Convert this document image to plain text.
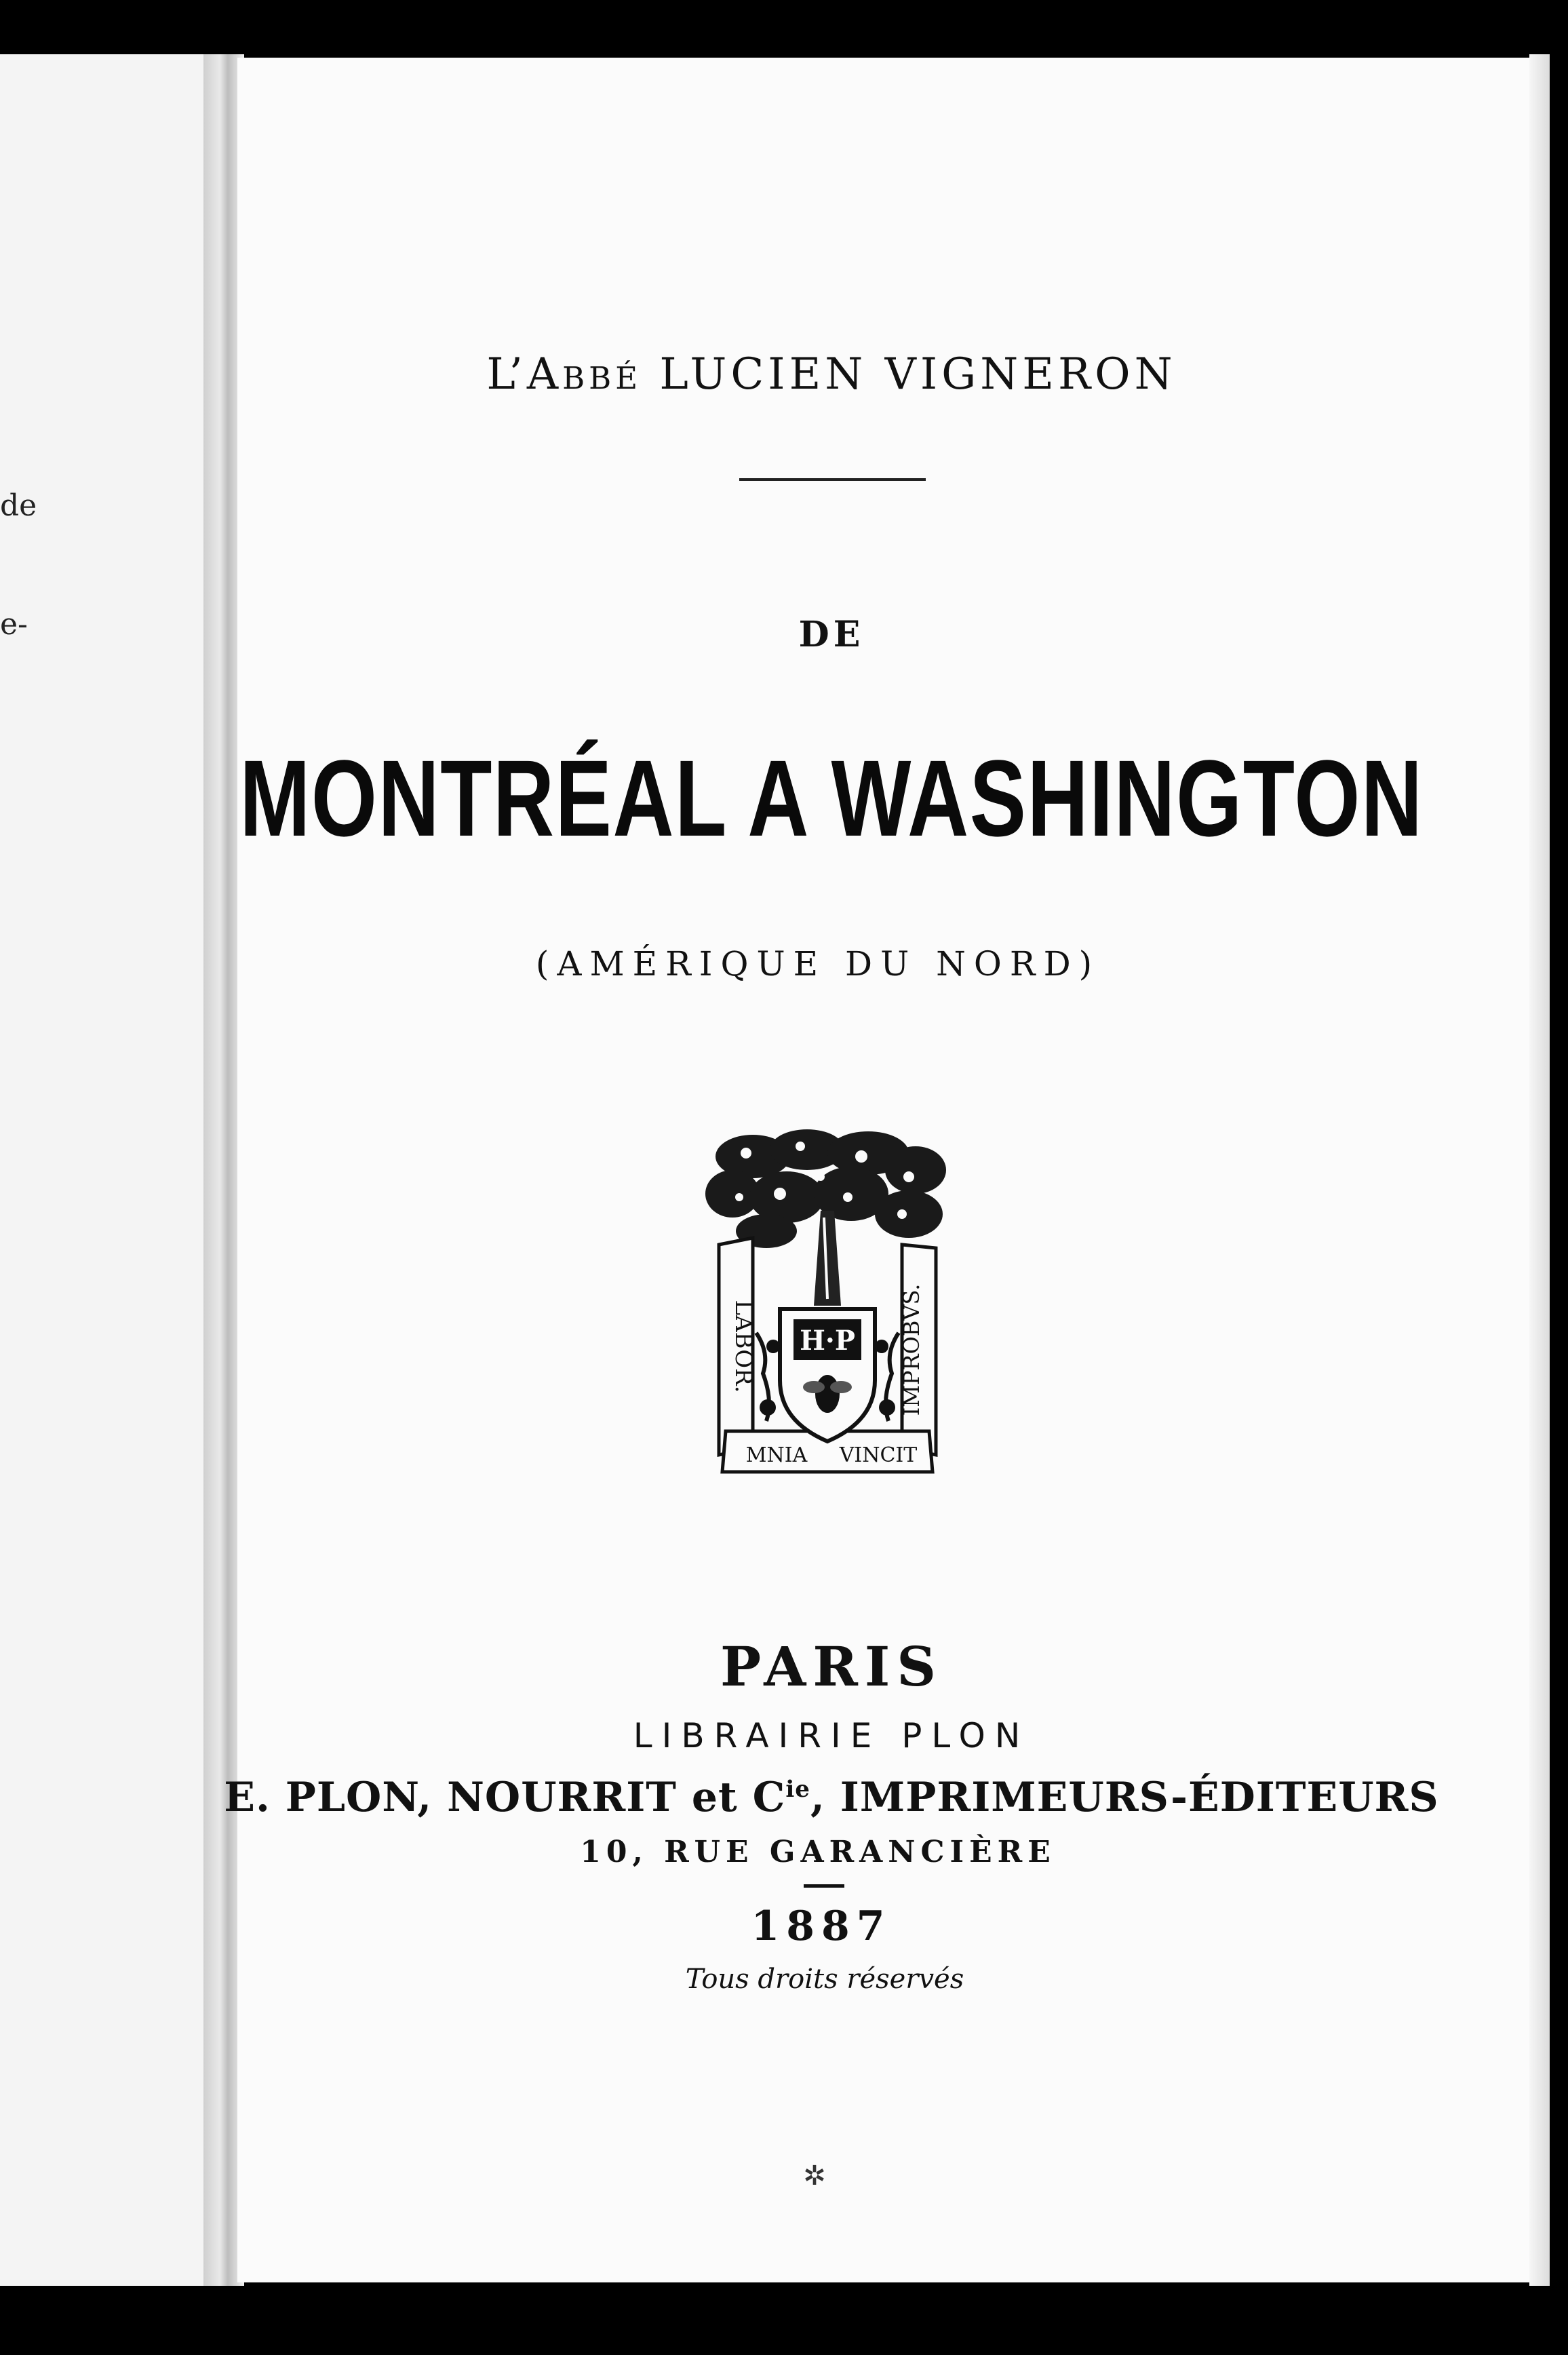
de
e-
L’Abbé LUCIEN VIGNERON
DE
MONTRÉAL A WASHINGTON
(AMÉRIQUE DU NORD)
LABOR.	IMPROBVS.
MNIA VINCIT
H·P
PARIS
LIBRAIRIE PLON
E. PLON, NOURRIT et $C^{ie}$, IMPRIMEURS-ÉDITEURS
10, RUE GARANCIÈRE
1887
Tous droits réservés
✲
